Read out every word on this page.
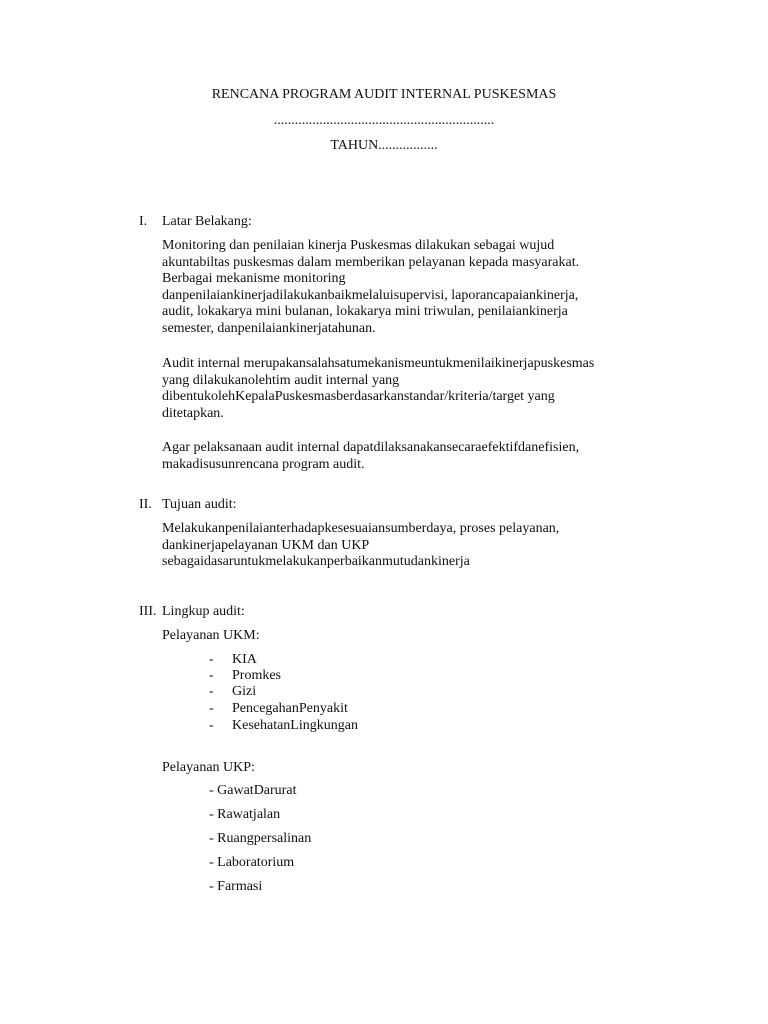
RENCANA PROGRAM AUDIT INTERNAL PUSKESMAS
...............................................................
TAHUN.................
I. Latar Belakang:

Monitoring dan penilaian kinerja Puskesmas dilakukan sebagai wujud

akuntabiltas puskesmas dalam memberikan pelayanan kepada masyarakat.

Berbagai mekanisme monitoring

danpenilaiankinerjadilakukanbaikmelaluisupervisi, laporancapaiankinerja,

audit, lokakarya mini bulanan, lokakarya mini triwulan, penilaiankinerja

semester, danpenilaiankinerjatahunan.

Audit internal merupakansalahsatumekanismeuntukmenilaikinerjapuskesmas

yang dilakukanolehtim audit internal yang

dibentukolehKepalaPuskesmasberdasarkanstandar/kriteria/target yang

ditetapkan.

Agar pelaksanaan audit internal dapatdilaksanakansecaraefektifdanefisien,

makadisusunrencana program audit.

II. Tujuan audit:

Melakukanpenilaianterhadapkesesuaiansumberdaya, proses pelayanan,

dankinerjapelayanan UKM dan UKP

sebagaidasaruntukmelakukanperbaikanmutudankinerja

III. Lingkup audit:
Pelayanan UKM:
- KIA
- Promkes
- Gizi
- PencegahanPenyakit
- KesehatanLingkungan
Pelayanan UKP:
- GawatDarurat
- Rawatjalan
- Ruangpersalinan
- Laboratorium
- Farmasi
